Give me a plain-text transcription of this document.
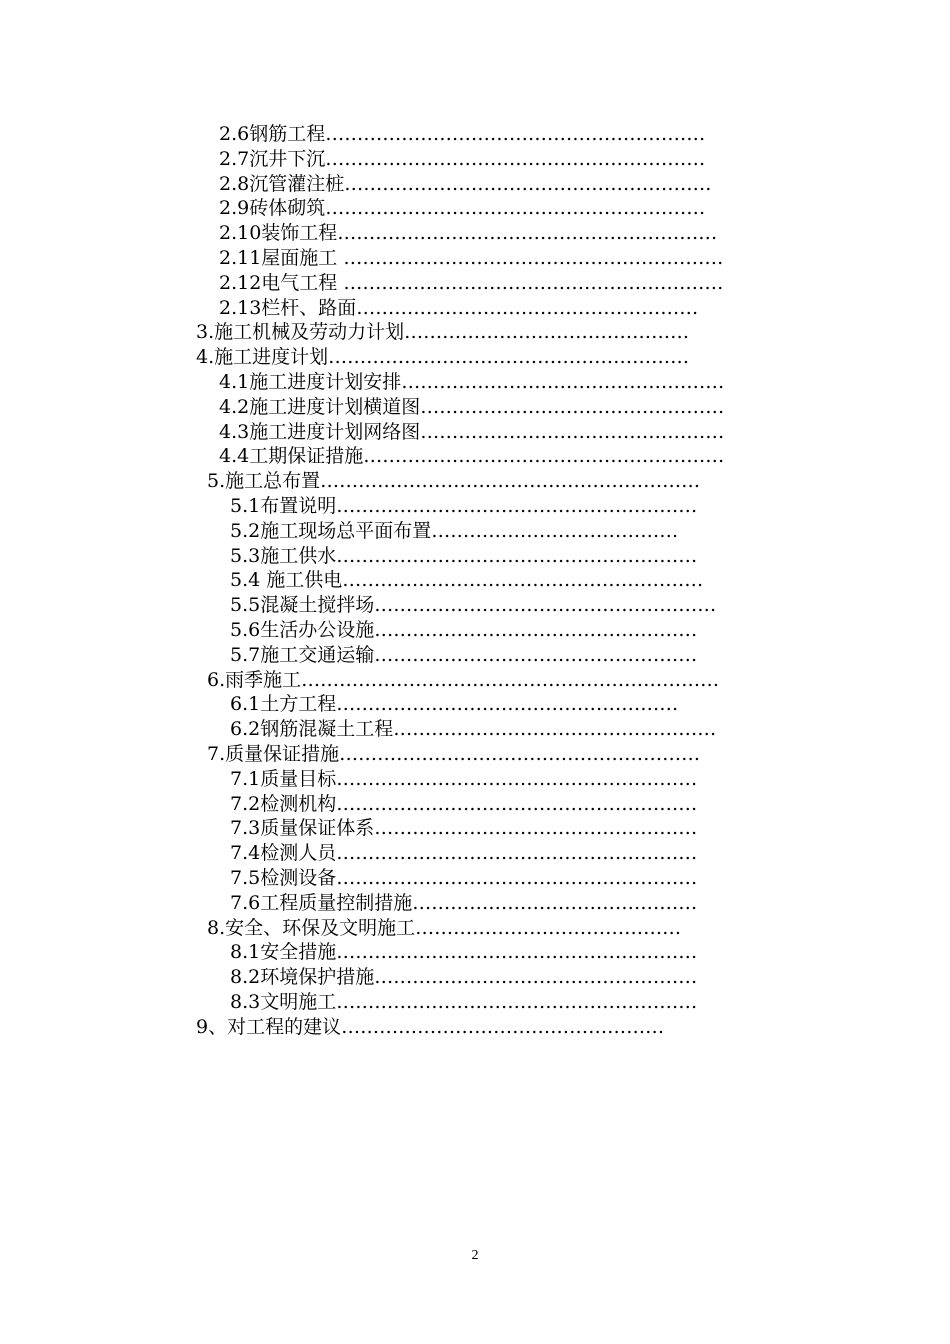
2.6钢筋工程……………………………………………………
2.7沉井下沉……………………………………………………
2.8沉管灌注桩………………………………………………….
2.9砖体砌筑……………………………………………………
2.10装饰工程……………………………………………………
2.11屋面施工 ……………………………………………………
2.12电气工程 ……………………………………………………
2.13栏杆、路面………………………………………………
3.施工机械及劳动力计划………………………………………
4.施工进度计划…………………………………………………
4.1施工进度计划安排……………………………………………
4.2施工进度计划横道图…………………………………………
4.3施工进度计划网络图…………………………………………
4.4工期保证措施…………………………………………………
5.施工总布置……………………………………………………
5.1布置说明…………………………………………………
5.2施工现场总平面布置…………………………………
5.3施工供水…………………………………………………
5.4 施工供电…………………………………………………
5.5混凝土搅拌场………………………………………………
5.6生活办公设施……………………………………………
5.7施工交通运输……………………………………………
6.雨季施工…………………………………………………………
6.1土方工程………………………………………………
6.2钢筋混凝土工程……………………………………………
7.质量保证措施…………………………………………………
7.1质量目标…………………………………………………
7.2检测机构…………………………………………………
7.3质量保证体系……………………………………………
7.4检测人员…………………………………………………
7.5检测设备…………………………………………………
7.6工程质量控制措施………………………………………
8.安全、环保及文明施工……………………………………
8.1安全措施…………………………………………………
8.2环境保护措施……………………………………………
8.3文明施工…………………………………………………
9、对工程的建议……………………………………………
2
